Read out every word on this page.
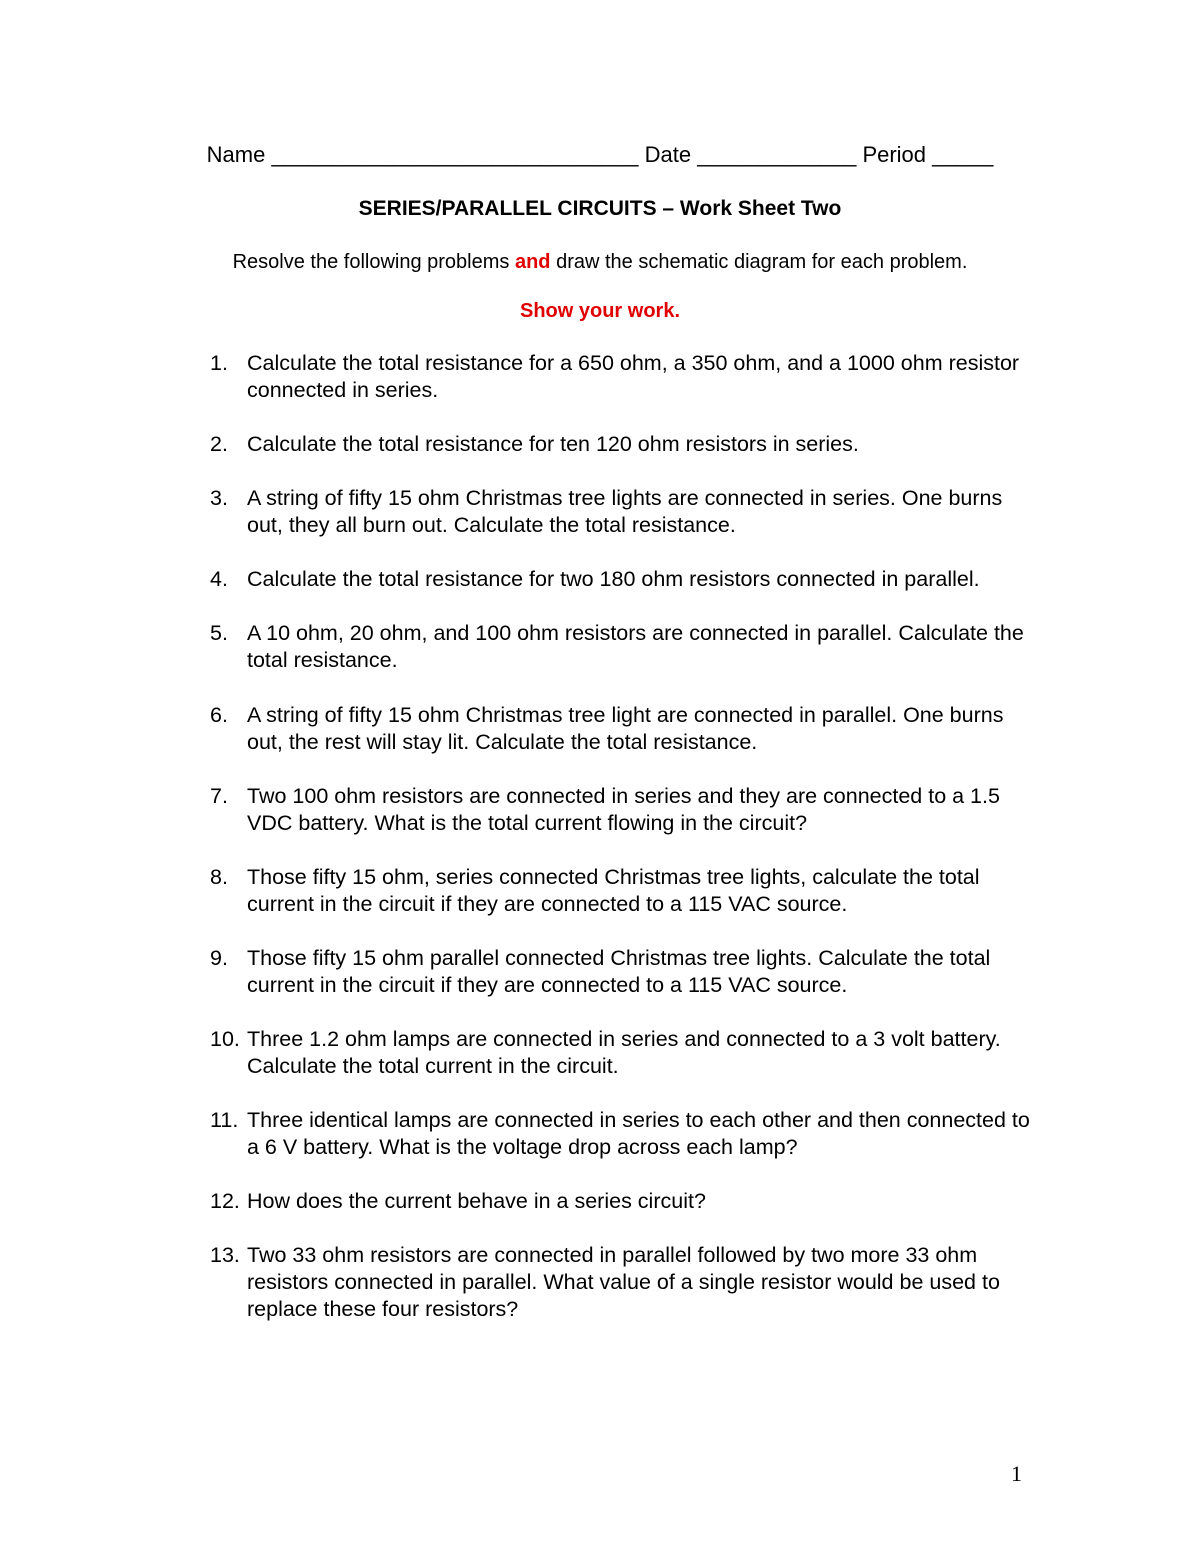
Name ______________________________ Date _____________ Period _____
SERIES/PARALLEL CIRCUITS – Work Sheet Two
Resolve the following problems and draw the schematic diagram for each problem.
Show your work.
1. Calculate the total resistance for a 650 ohm, a 350 ohm, and a 1000 ohm resistor connected in series.
2. Calculate the total resistance for ten 120 ohm resistors in series.
3. A string of fifty 15 ohm Christmas tree lights are connected in series. One burns out, they all burn out. Calculate the total resistance.
4. Calculate the total resistance for two 180 ohm resistors connected in parallel.
5. A 10 ohm, 20 ohm, and 100 ohm resistors are connected in parallel. Calculate the total resistance.
6. A string of fifty 15 ohm Christmas tree light are connected in parallel. One burns out, the rest will stay lit. Calculate the total resistance.
7. Two 100 ohm resistors are connected in series and they are connected to a 1.5 VDC battery. What is the total current flowing in the circuit?
8. Those fifty 15 ohm, series connected Christmas tree lights, calculate the total current in the circuit if they are connected to a 115 VAC source.
9. Those fifty 15 ohm parallel connected Christmas tree lights. Calculate the total current in the circuit if they are connected to a 115 VAC source.
10. Three 1.2 ohm lamps are connected in series and connected to a 3 volt battery. Calculate the total current in the circuit.
11. Three identical lamps are connected in series to each other and then connected to a 6 V battery. What is the voltage drop across each lamp?
12. How does the current behave in a series circuit?
13. Two 33 ohm resistors are connected in parallel followed by two more 33 ohm resistors connected in parallel. What value of a single resistor would be used to replace these four resistors?
1
